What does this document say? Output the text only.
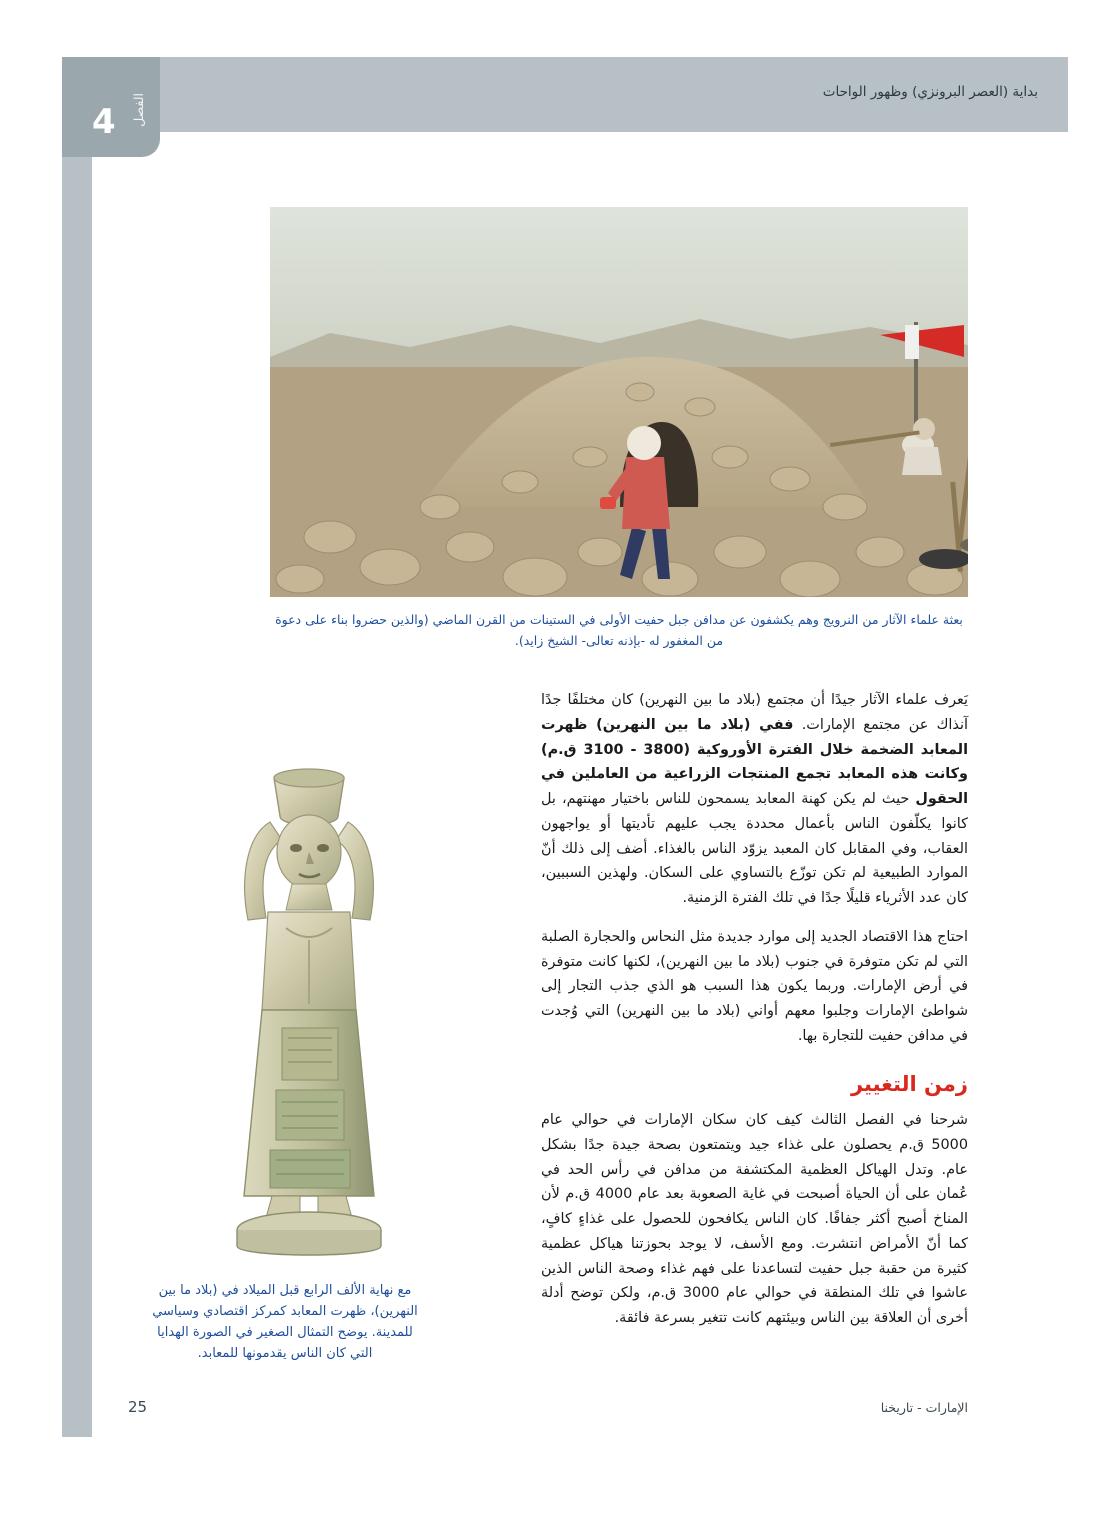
بداية (العصر البرونزي) وظهور الواحات
الفصل
4
بعثة علماء الآثار من النرويج وهم يكشفون عن مدافن جبل حفيت الأولى في الستينات من القرن الماضي (والذين حضروا بناء على دعوة من المغفور له -بإذنه تعالى- الشيخ زايد).
مع نهاية الألف الرابع قبل الميلاد في (بلاد ما بين النهرين)، ظهرت المعابد كمركز اقتصادي وسياسي للمدينة. يوضح التمثال الصغير في الصورة الهدايا التي كان الناس يقدمونها للمعابد.

يَعرف علماء الآثار جيدًا أن مجتمع (بلاد ما بين النهرين) كان مختلفًا جدًا آنذاك عن مجتمع الإمارات. ففي (بلاد ما بين النهرين) ظهرت المعابد الضخمة خلال الفترة الأوروكية (3800 - 3100 ق.م) وكانت هذه المعابد تجمع المنتجات الزراعية من العاملين في الحقول حيث لم يكن كهنة المعابد يسمحون للناس باختيار مهنتهم، بل كانوا يكلّفون الناس بأعمال محددة يجب عليهم تأديتها أو يواجهون العقاب، وفي المقابل كان المعبد يزوّد الناس بالغذاء. أضف إلى ذلك أنّ الموارد الطبيعية لم تكن توزّع بالتساوي على السكان. ولهذين السببين، كان عدد الأثرياء قليلًا جدًا في تلك الفترة الزمنية.

احتاج هذا الاقتصاد الجديد إلى موارد جديدة مثل النحاس والحجارة الصلبة التي لم تكن متوفرة في جنوب (بلاد ما بين النهرين)، لكنها كانت متوفرة في أرض الإمارات. وربما يكون هذا السبب هو الذي جذب التجار إلى شواطئ الإمارات وجلبوا معهم أواني (بلاد ما بين النهرين) التي وُجدت في مدافن حفيت للتجارة بها.

زمن التغيير

شرحنا في الفصل الثالث كيف كان سكان الإمارات في حوالي عام 5000 ق.م يحصلون على غذاء جيد ويتمتعون بصحة جيدة جدًا بشكل عام. وتدل الهياكل العظمية المكتشفة من مدافن في رأس الحد في عُمان على أن الحياة أصبحت في غاية الصعوبة بعد عام 4000 ق.م لأن المناخ أصبح أكثر جفافًا. كان الناس يكافحون للحصول على غذاءٍ كافٍ، كما أنّ الأمراض انتشرت. ومع الأسف، لا يوجد بحوزتنا هياكل عظمية كثيرة من حقبة جبل حفيت لتساعدنا على فهم غذاء وصحة الناس الذين عاشوا في تلك المنطقة في حوالي عام 3000 ق.م، ولكن توضح أدلة أخرى أن العلاقة بين الناس وبيئتهم كانت تتغير بسرعة فائقة.

25	الإمارات - تاريخنا
